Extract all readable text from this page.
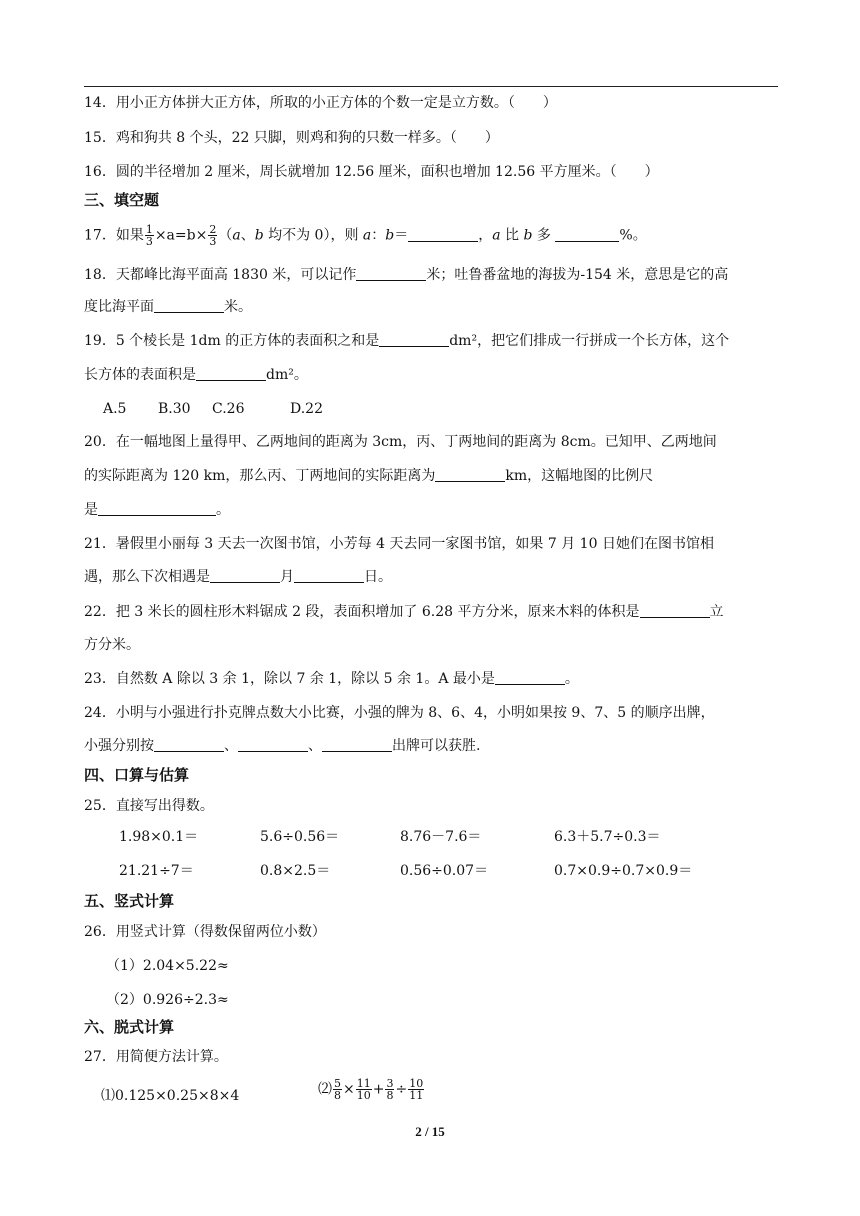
14．用小正方体拼大正方体，所取的小正方体的个数一定是立方数。（　　）
15．鸡和狗共 8 个头，22 只脚，则鸡和狗的只数一样多。（　　）
16．圆的半径增加 2 厘米，周长就增加 12.56 厘米，面积也增加 12.56 平方厘米。（　　）
三、填空题
17．如果 $\frac{1}{3} \times a=b\times \frac{2}{3} (a$、b 均不为 0），则 a：b＝	，a 比 b 多	%。
18．天都峰比海平面高 1830 米，可以记作	米；吐鲁番盆地的海拔为-154 米，意思是它的高
度比海平面	米。
19．5 个棱长是 1dm 的正方体的表面积之和是	dm²，把它们排成一行拼成一个长方体，这个
长方体的表面积是	dm²。
A.5 B.30 C.26	D.22
20．在一幅地图上量得甲、乙两地间的距离为 3cm，丙、丁两地间的距离为 8cm。已知甲、乙两地间
的实际距离为 120 km，那么丙、丁两地间的实际距离为	km，这幅地图的比例尺
是	。
21．暑假里小丽每 3 天去一次图书馆，小芳每 4 天去同一家图书馆，如果 7 月 10 日她们在图书馆相
遇，那么下次相遇是	月	日。
22．把 3 米长的圆柱形木料锯成 2 段，表面积增加了 6.28 平方分米，原来木料的体积是	立
方分米。
23．自然数 A 除以 3 余 1，除以 7 余 1，除以 5 余 1。A 最小是	。
24．小明与小强进行扑克牌点数大小比赛，小强的牌为 8、6、4，小明如果按 9、7、5 的顺序出牌，
小强分别按	、	、	出牌可以获胜.
四、口算与估算
25．直接写出得数。
1.98×0.1＝	5.6÷0.56＝	8.76－7.6＝	6.3＋5.7÷0.3＝
21.21÷7＝	0.8×2.5＝	0.56÷0.07＝	0.7×0.9÷0.7×0.9＝
五、竖式计算
26．用竖式计算（得数保留两位小数）
（1）2.04×5.22≈
（2）0.926÷2.3≈
六、脱式计算
27．用简便方法计算。
⑴0.125×0.25×8×4	⑵ $\frac{5}{8} \times \frac{11}{10} + \frac{3}{8} \div \frac{10}{11}$
2 / 15
